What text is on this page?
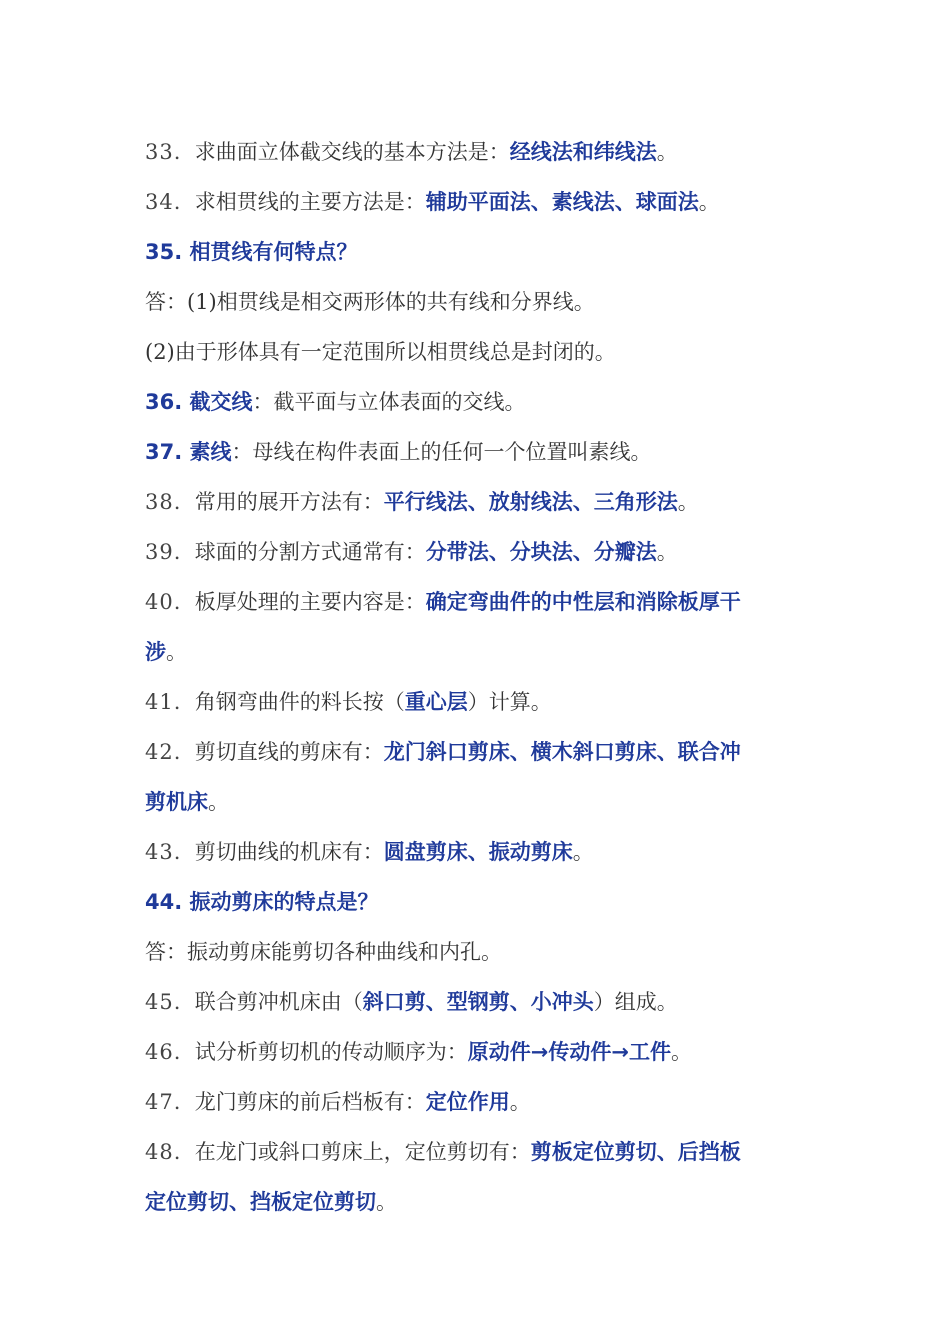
33. 求曲面立体截交线的基本方法是：经线法和纬线法。
34. 求相贯线的主要方法是：辅助平面法、素线法、球面法。
35. 相贯线有何特点？
答：(1)相贯线是相交两形体的共有线和分界线。
(2)由于形体具有一定范围所以相贯线总是封闭的。
36. 截交线：截平面与立体表面的交线。
37. 素线：母线在构件表面上的任何一个位置叫素线。
38. 常用的展开方法有：平行线法、放射线法、三角形法。
39. 球面的分割方式通常有：分带法、分块法、分瓣法。
40. 板厚处理的主要内容是：确定弯曲件的中性层和消除板厚干
涉。
41. 角钢弯曲件的料长按（重心层）计算。
42. 剪切直线的剪床有：龙门斜口剪床、横木斜口剪床、联合冲
剪机床。
43. 剪切曲线的机床有：圆盘剪床、振动剪床。
44. 振动剪床的特点是？
答：振动剪床能剪切各种曲线和内孔。
45. 联合剪冲机床由（斜口剪、型钢剪、小冲头）组成。
46. 试分析剪切机的传动顺序为：原动件→传动件→工件。
47. 龙门剪床的前后档板有：定位作用。
48. 在龙门或斜口剪床上，定位剪切有：剪板定位剪切、后挡板
定位剪切、挡板定位剪切。
